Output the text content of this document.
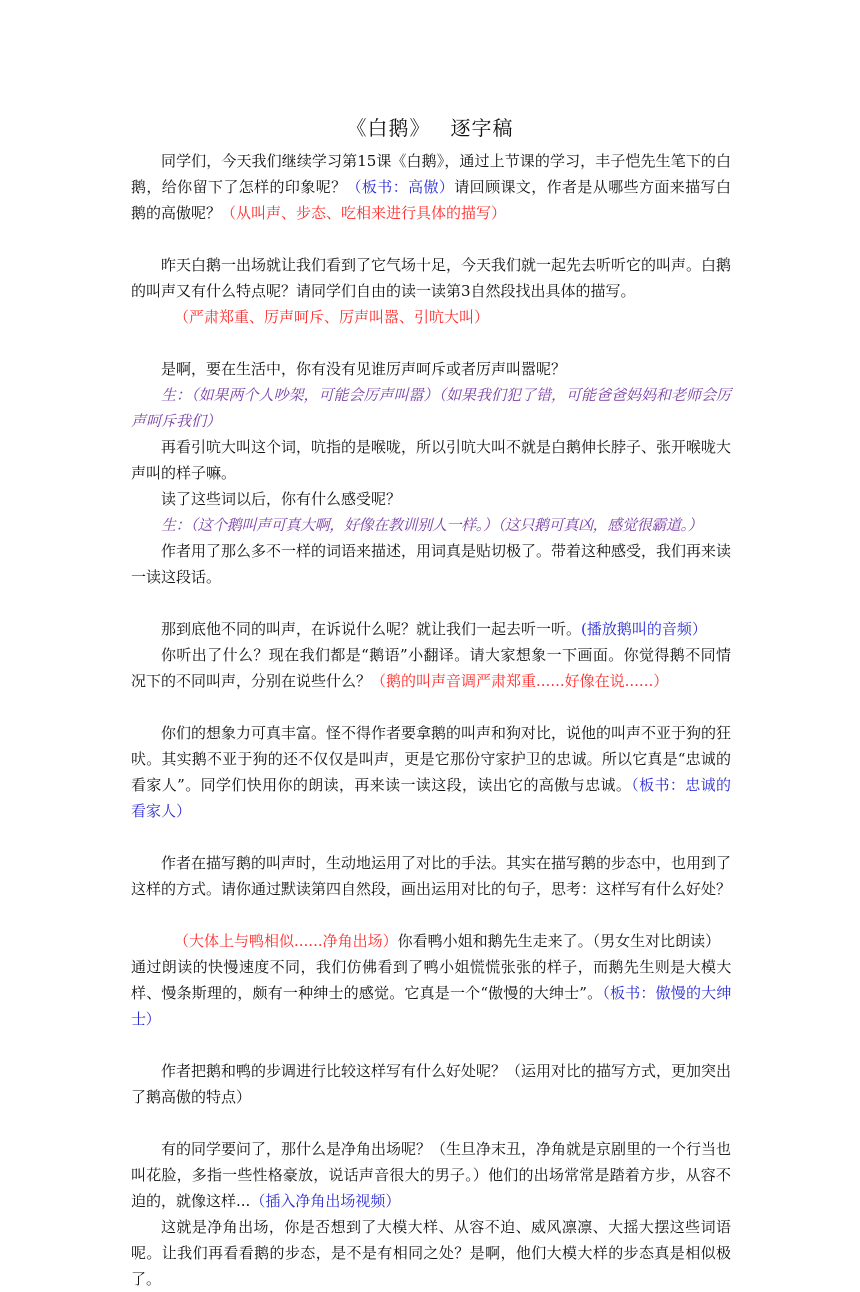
《白鹅》 逐字稿

同学们，今天我们继续学习第15课《白鹅》，通过上节课的学习，丰子恺先生笔下的白鹅，给你留下了怎样的印象呢？（板书：高傲）请回顾课文，作者是从哪些方面来描写白鹅的高傲呢？（从叫声、步态、吃相来进行具体的描写）

昨天白鹅一出场就让我们看到了它气场十足，今天我们就一起先去听听它的叫声。白鹅的叫声又有什么特点呢？请同学们自由的读一读第3自然段找出具体的描写。

（严肃郑重、厉声呵斥、厉声叫嚣、引吭大叫）

是啊，要在生活中，你有没有见谁厉声呵斥或者厉声叫嚣呢？

生：（如果两个人吵架，可能会厉声叫嚣）（如果我们犯了错，可能爸爸妈妈和老师会厉声呵斥我们）

再看引吭大叫这个词，吭指的是喉咙，所以引吭大叫不就是白鹅伸长脖子、张开喉咙大声叫的样子嘛。

读了这些词以后，你有什么感受呢？

生：（这个鹅叫声可真大啊，好像在教训别人一样。）（这只鹅可真凶，感觉很霸道。）

作者用了那么多不一样的词语来描述，用词真是贴切极了。带着这种感受，我们再来读一读这段话。

那到底他不同的叫声，在诉说什么呢？就让我们一起去听一听。(播放鹅叫的音频）

你听出了什么？现在我们都是“鹅语”小翻译。请大家想象一下画面。你觉得鹅不同情况下的不同叫声，分别在说些什么？（鹅的叫声音调严肃郑重......好像在说......）

你们的想象力可真丰富。怪不得作者要拿鹅的叫声和狗对比，说他的叫声不亚于狗的狂吠。其实鹅不亚于狗的还不仅仅是叫声，更是它那份守家护卫的忠诚。所以它真是“忠诚的看家人”。同学们快用你的朗读，再来读一读这段，读出它的高傲与忠诚。（板书：忠诚的看家人）

作者在描写鹅的叫声时，生动地运用了对比的手法。其实在描写鹅的步态中，也用到了这样的方式。请你通过默读第四自然段，画出运用对比的句子，思考：这样写有什么好处？

（大体上与鸭相似......净角出场）你看鸭小姐和鹅先生走来了。（男女生对比朗读）

通过朗读的快慢速度不同，我们仿佛看到了鸭小姐慌慌张张的样子，而鹅先生则是大模大样、慢条斯理的，颇有一种绅士的感觉。它真是一个“傲慢的大绅士”。（板书：傲慢的大绅士）

作者把鹅和鸭的步调进行比较这样写有什么好处呢？（运用对比的描写方式，更加突出了鹅高傲的特点）

有的同学要问了，那什么是净角出场呢？（生旦净末丑，净角就是京剧里的一个行当也叫花脸，多指一些性格豪放，说话声音很大的男子。）他们的出场常常是踏着方步，从容不迫的，就像这样...（插入净角出场视频）

这就是净角出场，你是否想到了大模大样、从容不迫、威风凛凛、大摇大摆这些词语呢。让我们再看看鹅的步态，是不是有相同之处？是啊，他们大模大样的步态真是相似极了。
